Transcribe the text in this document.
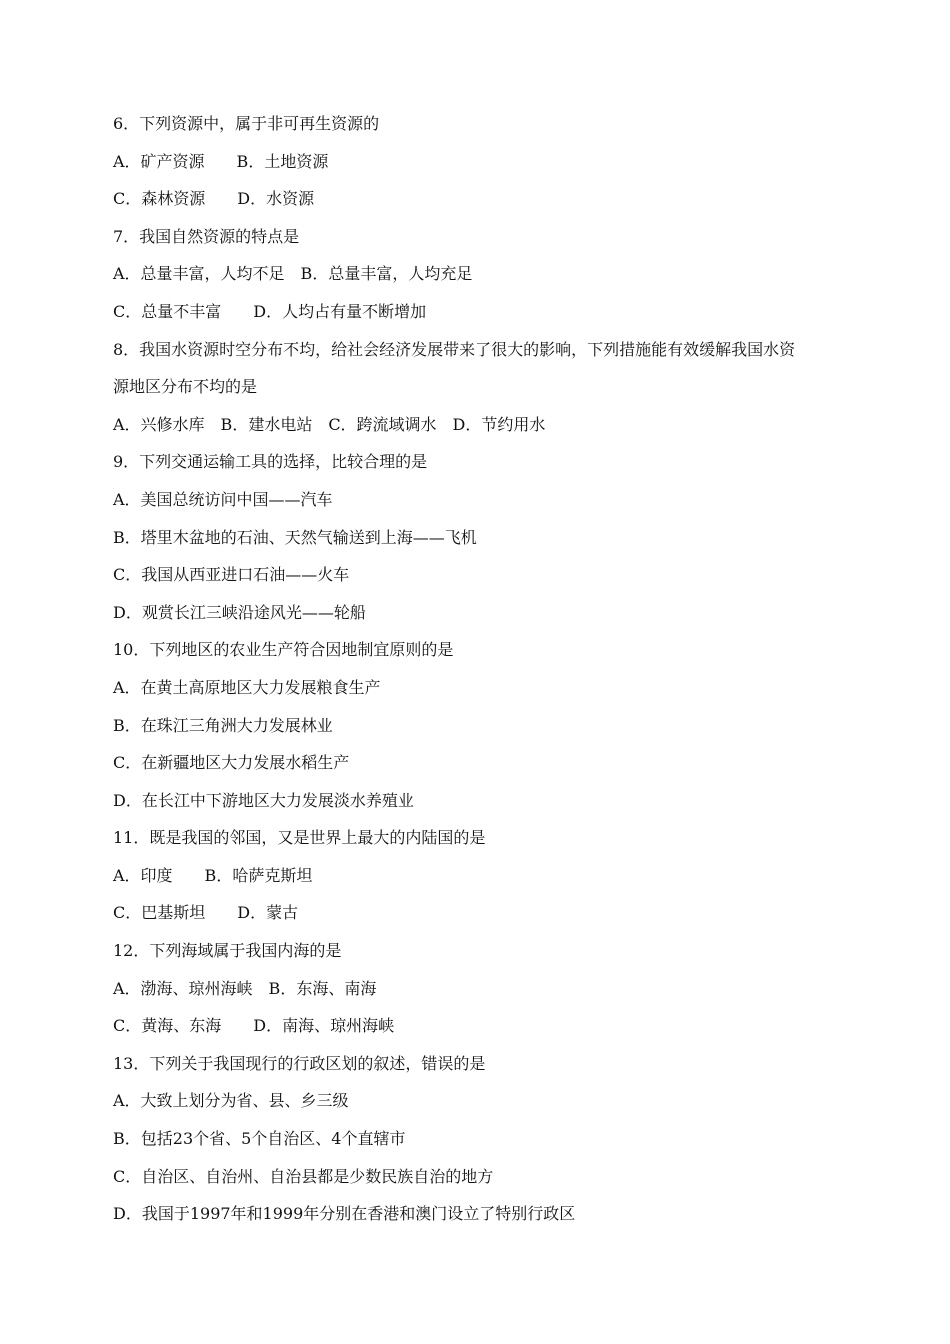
6．下列资源中，属于非可再生资源的
A．矿产资源　　B．土地资源
C．森林资源　　D．水资源
7．我国自然资源的特点是
A．总量丰富，人均不足　B．总量丰富，人均充足
C．总量不丰富　　D．人均占有量不断增加
8．我国水资源时空分布不均，给社会经济发展带来了很大的影响，下列措施能有效缓解我国水资
源地区分布不均的是
A．兴修水库　B．建水电站　C．跨流域调水　D．节约用水
9．下列交通运输工具的选择，比较合理的是
A．美国总统访问中国——汽车
B．塔里木盆地的石油、天然气输送到上海——飞机
C．我国从西亚进口石油——火车
D．观赏长江三峡沿途风光——轮船
10．下列地区的农业生产符合因地制宜原则的是
A．在黄土高原地区大力发展粮食生产
B．在珠江三角洲大力发展林业
C．在新疆地区大力发展水稻生产
D．在长江中下游地区大力发展淡水养殖业
11．既是我国的邻国，又是世界上最大的内陆国的是
A．印度　　B．哈萨克斯坦
C．巴基斯坦　　D．蒙古
12．下列海域属于我国内海的是
A．渤海、琼州海峡　B．东海、南海
C．黄海、东海　　D．南海、琼州海峡
13．下列关于我国现行的行政区划的叙述，错误的是
A．大致上划分为省、县、乡三级
B．包括23个省、5个自治区、4个直辖市
C．自治区、自治州、自治县都是少数民族自治的地方
D．我国于1997年和1999年分别在香港和澳门设立了特别行政区
